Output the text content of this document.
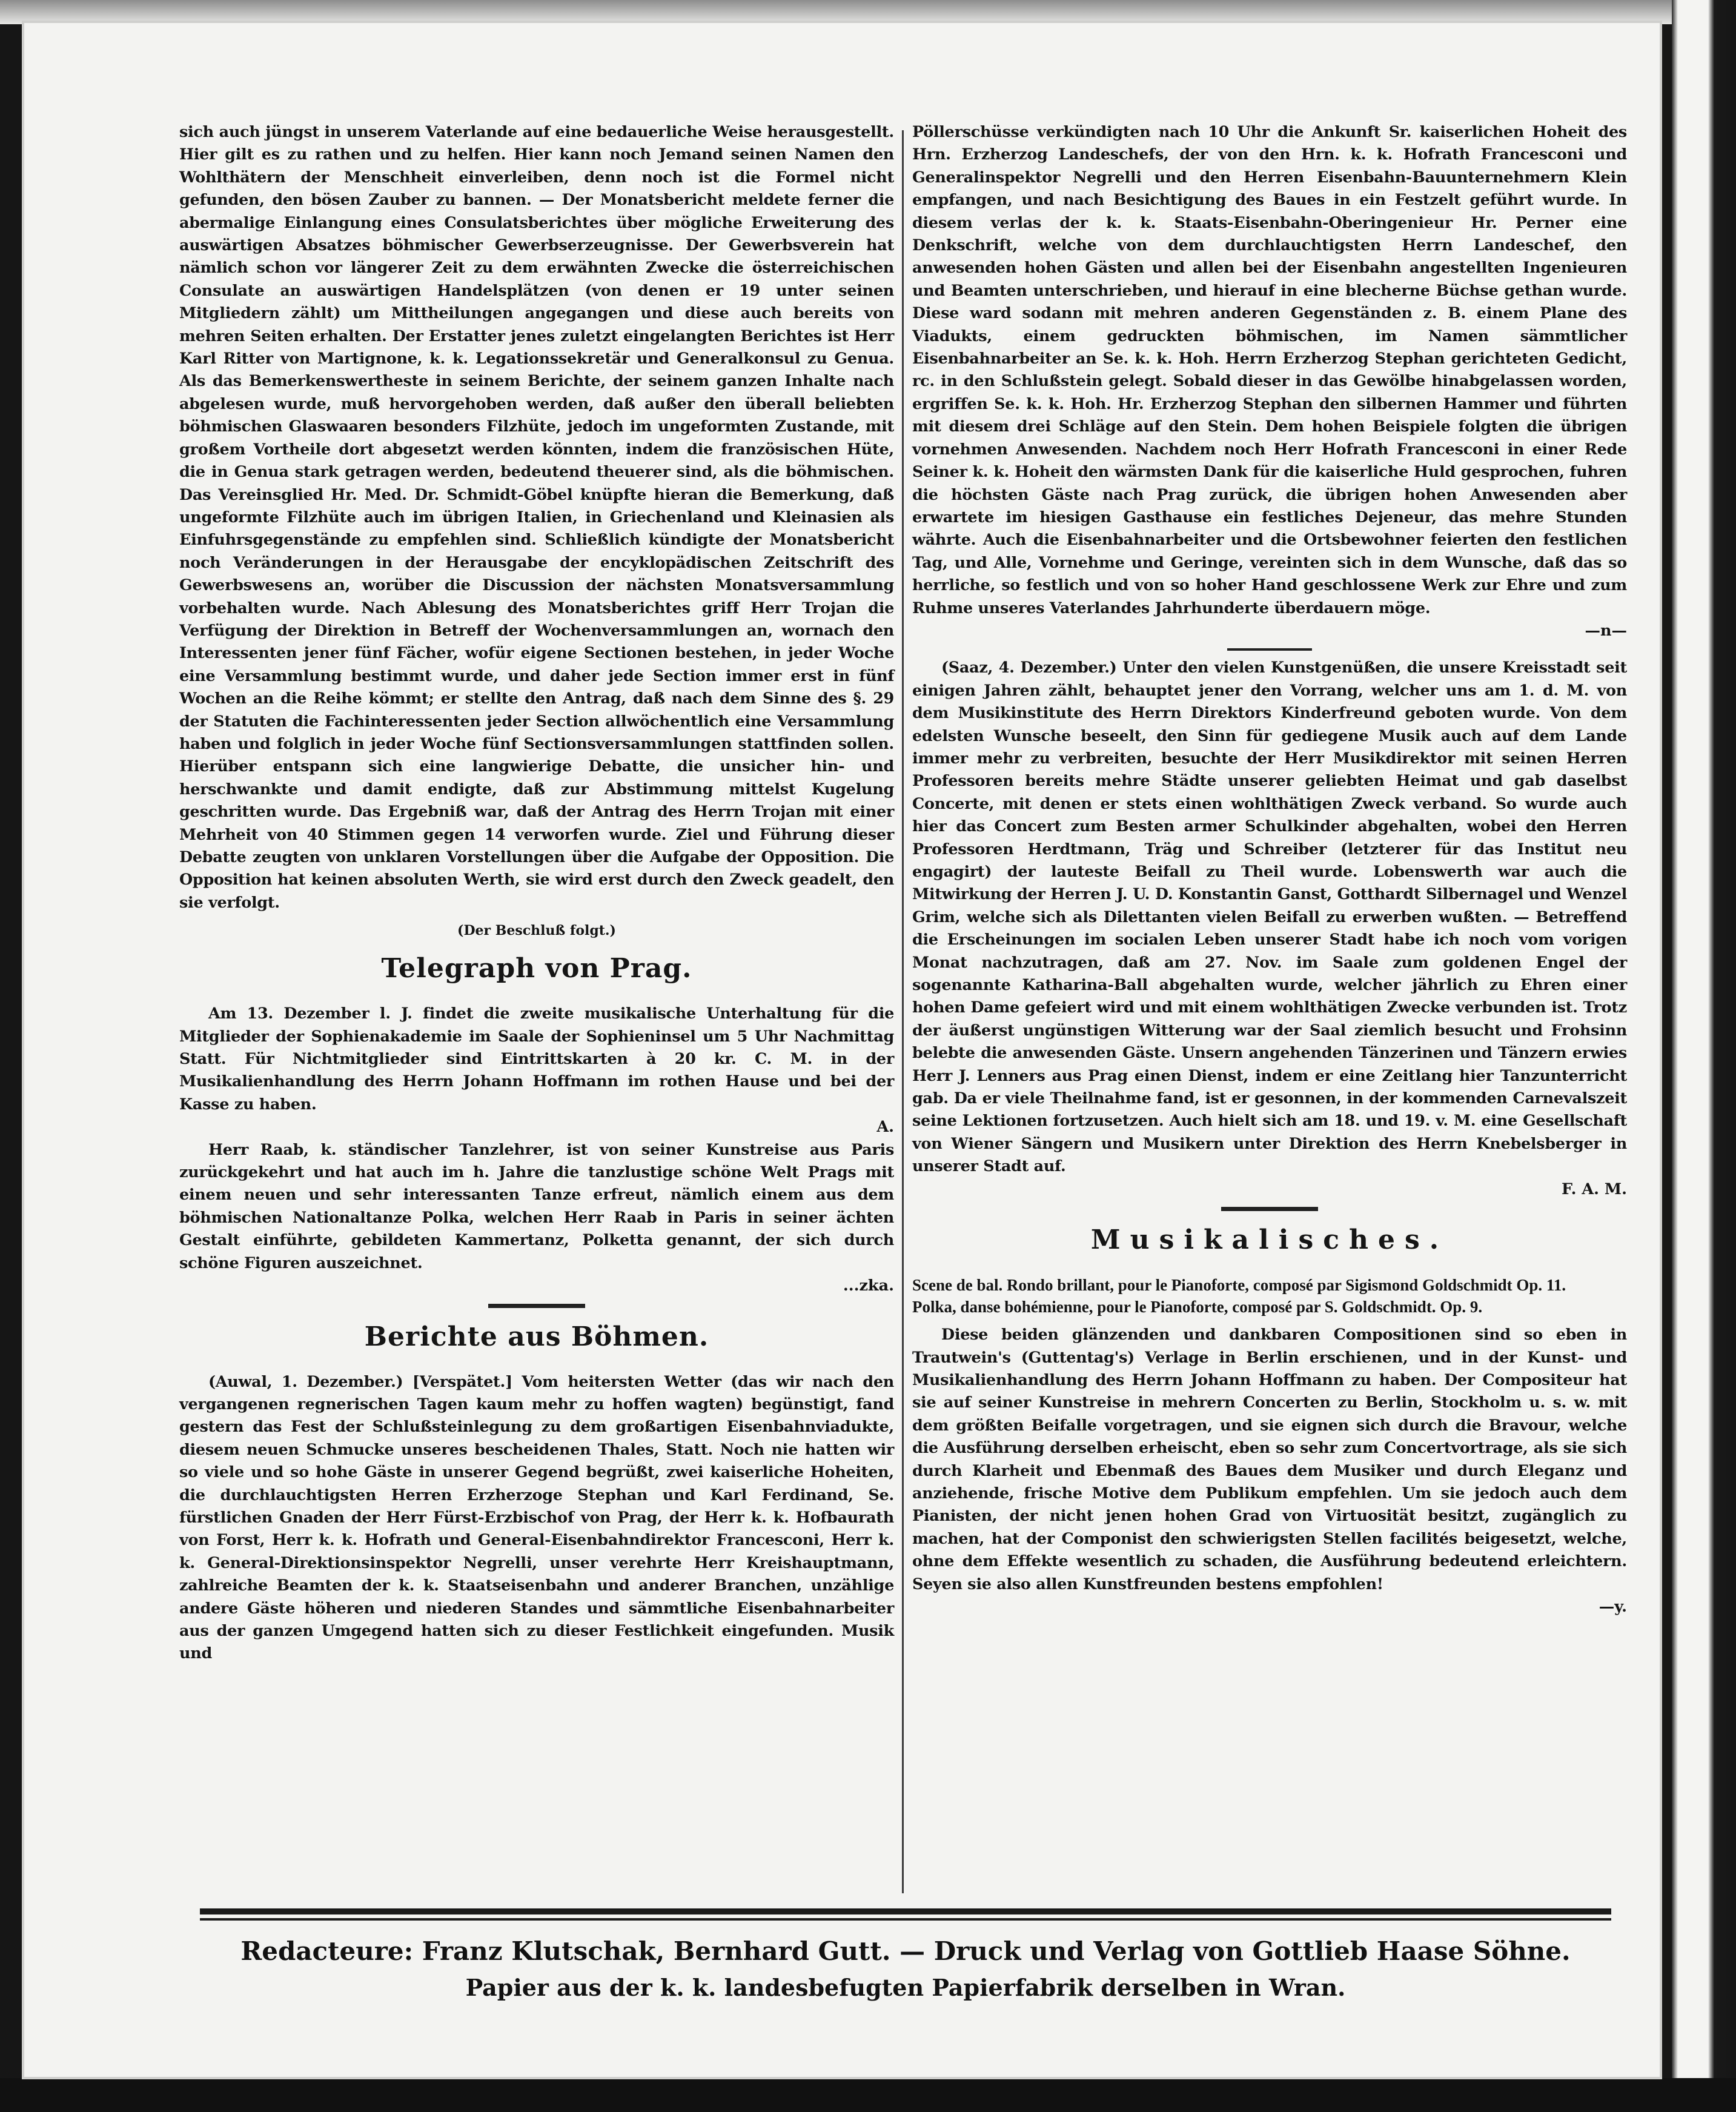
sich auch jüngst in unserem Vaterlande auf eine bedauerliche Weise herausgestellt. Hier gilt es zu rathen und zu helfen. Hier kann noch Jemand seinen Namen den Wohlthätern der Menschheit einverleiben, denn noch ist die Formel nicht gefunden, den bösen Zauber zu bannen. — Der Monatsbericht meldete ferner die abermalige Einlangung eines Consulatsberichtes über mögliche Erweiterung des auswärtigen Absatzes böhmischer Gewerbserzeugnisse. Der Gewerbsverein hat nämlich schon vor längerer Zeit zu dem erwähnten Zwecke die österreichischen Consulate an auswärtigen Handelsplätzen (von denen er 19 unter seinen Mitgliedern zählt) um Mittheilungen angegangen und diese auch bereits von mehren Seiten erhalten. Der Erstatter jenes zuletzt eingelangten Berichtes ist Herr Karl Ritter von Martignone, k. k. Legationssekretär und Generalkonsul zu Genua. Als das Bemerkenswertheste in seinem Berichte, der seinem ganzen Inhalte nach abgelesen wurde, muß hervorgehoben werden, daß außer den überall beliebten böhmischen Glaswaaren besonders Filzhüte, jedoch im ungeformten Zustande, mit großem Vortheile dort abgesetzt werden könnten, indem die französischen Hüte, die in Genua stark getragen werden, bedeutend theuerer sind, als die böhmischen. Das Vereinsglied Hr. Med. Dr. Schmidt-Göbel knüpfte hieran die Bemerkung, daß ungeformte Filzhüte auch im übrigen Italien, in Griechenland und Kleinasien als Einfuhrsgegenstände zu empfehlen sind. Schließlich kündigte der Monatsbericht noch Veränderungen in der Herausgabe der encyklopädischen Zeitschrift des Gewerbswesens an, worüber die Discussion der nächsten Monatsversammlung vorbehalten wurde. Nach Ablesung des Monatsberichtes griff Herr Trojan die Verfügung der Direktion in Betreff der Wochenversammlungen an, wornach den Interessenten jener fünf Fächer, wofür eigene Sectionen bestehen, in jeder Woche eine Versammlung bestimmt wurde, und daher jede Section immer erst in fünf Wochen an die Reihe kömmt; er stellte den Antrag, daß nach dem Sinne des §. 29 der Statuten die Fachinteressenten jeder Section allwöchentlich eine Versammlung haben und folglich in jeder Woche fünf Sectionsversammlungen stattfinden sollen. Hierüber entspann sich eine langwierige Debatte, die unsicher hin- und herschwankte und damit endigte, daß zur Abstimmung mittelst Kugelung geschritten wurde. Das Ergebniß war, daß der Antrag des Herrn Trojan mit einer Mehrheit von 40 Stimmen gegen 14 verworfen wurde. Ziel und Führung dieser Debatte zeugten von unklaren Vorstellungen über die Aufgabe der Opposition. Die Opposition hat keinen absoluten Werth, sie wird erst durch den Zweck geadelt, den sie verfolgt.

(Der Beschluß folgt.)
Telegraph von Prag.

Am 13. Dezember l. J. findet die zweite musikalische Unterhaltung für die Mitglieder der Sophienakademie im Saale der Sophieninsel um 5 Uhr Nachmittag Statt. Für Nichtmitglieder sind Eintrittskarten à 20 kr. C. M. in der Musikalienhandlung des Herrn Johann Hoffmann im rothen Hause und bei der Kasse zu haben.

A.

Herr Raab, k. ständischer Tanzlehrer, ist von seiner Kunstreise aus Paris zurückgekehrt und hat auch im h. Jahre die tanzlustige schöne Welt Prags mit einem neuen und sehr interessanten Tanze erfreut, nämlich einem aus dem böhmischen Nationaltanze Polka, welchen Herr Raab in Paris in seiner ächten Gestalt einführte, gebildeten Kammertanz, Polketta genannt, der sich durch schöne Figuren auszeichnet.

...zka.
Berichte aus Böhmen.

(Auwal, 1. Dezember.) [Verspätet.] Vom heitersten Wetter (das wir nach den vergangenen regnerischen Tagen kaum mehr zu hoffen wagten) begünstigt, fand gestern das Fest der Schlußsteinlegung zu dem großartigen Eisenbahnviadukte, diesem neuen Schmucke unseres bescheidenen Thales, Statt. Noch nie hatten wir so viele und so hohe Gäste in unserer Gegend begrüßt, zwei kaiserliche Hoheiten, die durchlauchtigsten Herren Erzherzoge Stephan und Karl Ferdinand, Se. fürstlichen Gnaden der Herr Fürst-Erzbischof von Prag, der Herr k. k. Hofbaurath von Forst, Herr k. k. Hofrath und General-Eisenbahndirektor Francesconi, Herr k. k. General-Direktionsinspektor Negrelli, unser verehrte Herr Kreishauptmann, zahlreiche Beamten der k. k. Staatseisenbahn und anderer Branchen, unzählige andere Gäste höheren und niederen Standes und sämmtliche Eisenbahnarbeiter aus der ganzen Umgegend hatten sich zu dieser Festlichkeit eingefunden. Musik und

Pöllerschüsse verkündigten nach 10 Uhr die Ankunft Sr. kaiserlichen Hoheit des Hrn. Erzherzog Landeschefs, der von den Hrn. k. k. Hofrath Francesconi und Generalinspektor Negrelli und den Herren Eisenbahn-Bauunternehmern Klein empfangen, und nach Besichtigung des Baues in ein Festzelt geführt wurde. In diesem verlas der k. k. Staats-Eisenbahn-Oberingenieur Hr. Perner eine Denkschrift, welche von dem durchlauchtigsten Herrn Landeschef, den anwesenden hohen Gästen und allen bei der Eisenbahn angestellten Ingenieuren und Beamten unterschrieben, und hierauf in eine blecherne Büchse gethan wurde. Diese ward sodann mit mehren anderen Gegenständen z. B. einem Plane des Viadukts, einem gedruckten böhmischen, im Namen sämmtlicher Eisenbahnarbeiter an Se. k. k. Hoh. Herrn Erzherzog Stephan gerichteten Gedicht, rc. in den Schlußstein gelegt. Sobald dieser in das Gewölbe hinabgelassen worden, ergriffen Se. k. k. Hoh. Hr. Erzherzog Stephan den silbernen Hammer und führten mit diesem drei Schläge auf den Stein. Dem hohen Beispiele folgten die übrigen vornehmen Anwesenden. Nachdem noch Herr Hofrath Francesconi in einer Rede Seiner k. k. Hoheit den wärmsten Dank für die kaiserliche Huld gesprochen, fuhren die höchsten Gäste nach Prag zurück, die übrigen hohen Anwesenden aber erwartete im hiesigen Gasthause ein festliches Dejeneur, das mehre Stunden währte. Auch die Eisenbahnarbeiter und die Ortsbewohner feierten den festlichen Tag, und Alle, Vornehme und Geringe, vereinten sich in dem Wunsche, daß das so herrliche, so festlich und von so hoher Hand geschlossene Werk zur Ehre und zum Ruhme unseres Vaterlandes Jahrhunderte überdauern möge.

—n—

(Saaz, 4. Dezember.) Unter den vielen Kunstgenüßen, die unsere Kreisstadt seit einigen Jahren zählt, behauptet jener den Vorrang, welcher uns am 1. d. M. von dem Musikinstitute des Herrn Direktors Kinderfreund geboten wurde. Von dem edelsten Wunsche beseelt, den Sinn für gediegene Musik auch auf dem Lande immer mehr zu verbreiten, besuchte der Herr Musikdirektor mit seinen Herren Professoren bereits mehre Städte unserer geliebten Heimat und gab daselbst Concerte, mit denen er stets einen wohlthätigen Zweck verband. So wurde auch hier das Concert zum Besten armer Schulkinder abgehalten, wobei den Herren Professoren Herdtmann, Träg und Schreiber (letzterer für das Institut neu engagirt) der lauteste Beifall zu Theil wurde. Lobenswerth war auch die Mitwirkung der Herren J. U. D. Konstantin Ganst, Gotthardt Silbernagel und Wenzel Grim, welche sich als Dilettanten vielen Beifall zu erwerben wußten. — Betreffend die Erscheinungen im socialen Leben unserer Stadt habe ich noch vom vorigen Monat nachzutragen, daß am 27. Nov. im Saale zum goldenen Engel der sogenannte Katharina-Ball abgehalten wurde, welcher jährlich zu Ehren einer hohen Dame gefeiert wird und mit einem wohlthätigen Zwecke verbunden ist. Trotz der äußerst ungünstigen Witterung war der Saal ziemlich besucht und Frohsinn belebte die anwesenden Gäste. Unsern angehenden Tänzerinen und Tänzern erwies Herr J. Lenners aus Prag einen Dienst, indem er eine Zeitlang hier Tanzunterricht gab. Da er viele Theilnahme fand, ist er gesonnen, in der kommenden Carnevalszeit seine Lektionen fortzusetzen. Auch hielt sich am 18. und 19. v. M. eine Gesellschaft von Wiener Sängern und Musikern unter Direktion des Herrn Knebelsberger in unserer Stadt auf.

F. A. M.
Musikalisches.

Scene de bal. Rondo brillant, pour le Pianoforte, composé par Sigismond Goldschmidt Op. 11.

Polka, danse bohémienne, pour le Pianoforte, composé par S. Goldschmidt. Op. 9.

Diese beiden glänzenden und dankbaren Compositionen sind so eben in Trautwein's (Guttentag's) Verlage in Berlin erschienen, und in der Kunst- und Musikalienhandlung des Herrn Johann Hoffmann zu haben. Der Compositeur hat sie auf seiner Kunstreise in mehrern Concerten zu Berlin, Stockholm u. s. w. mit dem größten Beifalle vorgetragen, und sie eignen sich durch die Bravour, welche die Ausführung derselben erheischt, eben so sehr zum Concertvortrage, als sie sich durch Klarheit und Ebenmaß des Baues dem Musiker und durch Eleganz und anziehende, frische Motive dem Publikum empfehlen. Um sie jedoch auch dem Pianisten, der nicht jenen hohen Grad von Virtuosität besitzt, zugänglich zu machen, hat der Componist den schwierigsten Stellen facilités beigesetzt, welche, ohne dem Effekte wesentlich zu schaden, die Ausführung bedeutend erleichtern. Seyen sie also allen Kunstfreunden bestens empfohlen!

—y.
Redacteure: Franz Klutschak, Bernhard Gutt. — Druck und Verlag von Gottlieb Haase Söhne.
Papier aus der k. k. landesbefugten Papierfabrik derselben in Wran.
